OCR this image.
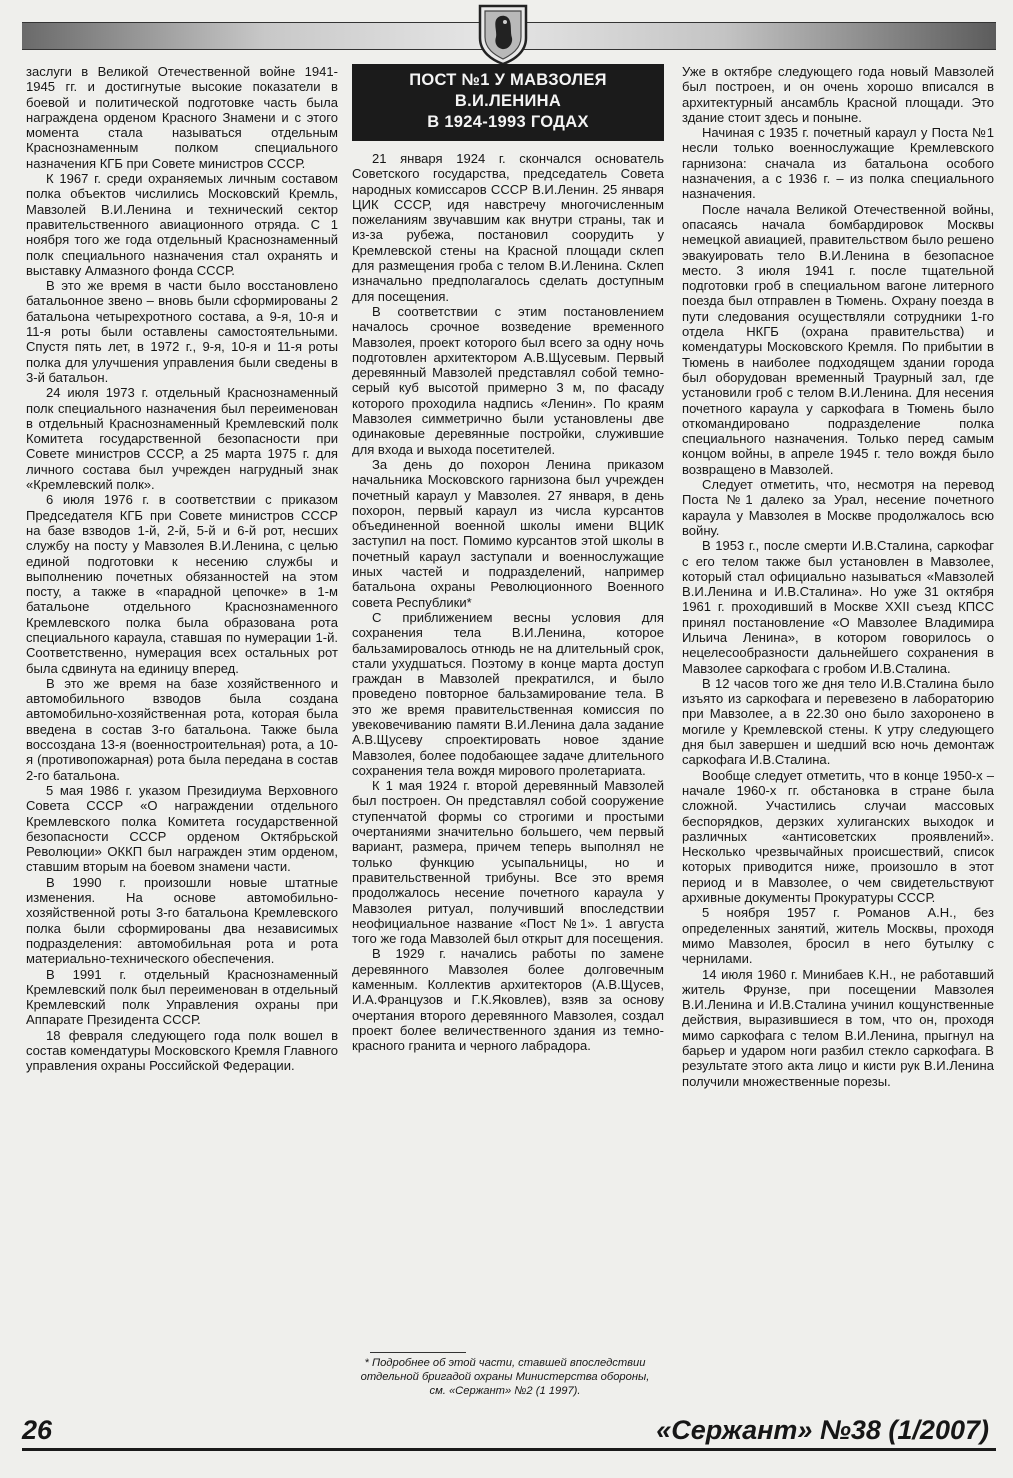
заслуги в Великой Отечественной войне 1941-1945 гг. и достигнутые высокие показатели в боевой и политической подготовке часть была награждена орденом Красного Знамени и с этого момента стала называться отдельным Краснознаменным полком специального назначения КГБ при Совете министров СССР.

К 1967 г. среди охраняемых личным составом полка объектов числились Московский Кремль, Мавзолей В.И.Ленина и технический сектор правительственного авиационного отряда. С 1 ноября того же года отдельный Краснознаменный полк специального назначения стал охранять и выставку Алмазного фонда СССР.

В это же время в части было восстановлено батальонное звено – вновь были сформированы 2 батальона четырехротного состава, а 9-я, 10-я и 11-я роты были оставлены самостоятельными. Спустя пять лет, в 1972 г., 9-я, 10-я и 11-я роты полка для улучшения управления были сведены в 3-й батальон.

24 июля 1973 г. отдельный Краснознаменный полк специального назначения был переименован в отдельный Краснознаменный Кремлевский полк Комитета государственной безопасности при Совете министров СССР, а 25 марта 1975 г. для личного состава был учрежден нагрудный знак «Кремлевский полк».

6 июля 1976 г. в соответствии с приказом Председателя КГБ при Совете министров СССР на базе взводов 1-й, 2-й, 5-й и 6-й рот, несших службу на посту у Мавзолея В.И.Ленина, с целью единой подготовки к несению службы и выполнению почетных обязанностей на этом посту, а также в «парадной цепочке» в 1-м батальоне отдельного Краснознаменного Кремлевского полка была образована рота специального караула, ставшая по нумерации 1-й. Соответственно, нумерация всех остальных рот была сдвинута на единицу вперед.

В это же время на базе хозяйственного и автомобильного взводов была создана автомобильно-хозяйственная рота, которая была введена в состав 3-го батальона. Также была воссоздана 13-я (военностроительная) рота, а 10-я (противопожарная) рота была передана в состав 2-го батальона.

5 мая 1986 г. указом Президиума Верховного Совета СССР «О награждении отдельного Кремлевского полка Комитета государственной безопасности СССР орденом Октябрьской Революции» ОККП был награжден этим орденом, ставшим вторым на боевом знамени части.

В 1990 г. произошли новые штатные изменения. На основе автомобильно-хозяйственной роты 3-го батальона Кремлевского полка были сформированы два независимых подразделения: автомобильная рота и рота материально-технического обеспечения.

В 1991 г. отдельный Краснознаменный Кремлевский полк был переименован в отдельный Кремлевский полк Управления охраны при Аппарате Президента СССР.

18 февраля следующего года полк вошел в состав комендатуры Московского Кремля Главного управления охраны Российской Федерации.

ПОСТ №1 У МАВЗОЛЕЯ
В.И.ЛЕНИНА
В 1924-1993 ГОДАХ

21 января 1924 г. скончался основатель Советского государства, председатель Совета народных комиссаров СССР В.И.Ленин. 25 января ЦИК СССР, идя навстречу многочисленным пожеланиям звучавшим как внутри страны, так и из-за рубежа, постановил соорудить у Кремлевской стены на Красной площади склеп для размещения гроба с телом В.И.Ленина. Склеп изначально предполагалось сделать доступным для посещения.

В соответствии с этим постановлением началось срочное возведение временного Мавзолея, проект которого был всего за одну ночь подготовлен архитектором А.В.Щусевым. Первый деревянный Мавзолей представлял собой темно-серый куб высотой примерно 3 м, по фасаду которого проходила надпись «Ленин». По краям Мавзолея симметрично были установлены две одинаковые деревянные постройки, служившие для входа и выхода посетителей.

За день до похорон Ленина приказом начальника Московского гарнизона был учрежден почетный караул у Мавзолея. 27 января, в день похорон, первый караул из числа курсантов объединенной военной школы имени ВЦИК заступил на пост. Помимо курсантов этой школы в почетный караул заступали и военнослужащие иных частей и подразделений, например батальона охраны Революционного Военного совета Республики*

С приближением весны условия для сохранения тела В.И.Ленина, которое бальзамировалось отнюдь не на длительный срок, стали ухудшаться. Поэтому в конце марта доступ граждан в Мавзолей прекратился, и было проведено повторное бальзамирование тела. В это же время правительственная комиссия по увековечиванию памяти В.И.Ленина дала задание А.В.Щусеву спроектировать новое здание Мавзолея, более подобающее задаче длительного сохранения тела вождя мирового пролетариата.

К 1 мая 1924 г. второй деревянный Мавзолей был построен. Он представлял собой сооружение ступенчатой формы со строгими и простыми очертаниями значительно большего, чем первый вариант, размера, причем теперь выполнял не только функцию усыпальницы, но и правительственной трибуны. Все это время продолжалось несение почетного караула у Мавзолея ритуал, получивший впоследствии неофициальное название «Пост №1». 1 августа того же года Мавзолей был открыт для посещения.

В 1929 г. начались работы по замене деревянного Мавзолея более долговечным каменным. Коллектив архитекторов (А.В.Щусев, И.А.Французов и Г.К.Яковлев), взяв за основу очертания второго деревянного Мавзолея, создал проект более величественного здания из темно-красного гранита и черного лабрадора.

* Подробнее об этой части, ставшей впоследствии отдельной бригадой охраны Министерства обороны, см. «Сержант» №2 (1 1997).

Уже в октябре следующего года новый Мавзолей был построен, и он очень хорошо вписался в архитектурный ансамбль Красной площади. Это здание стоит здесь и поныне.

Начиная с 1935 г. почетный караул у Поста №1 несли только военнослужащие Кремлевского гарнизона: сначала из батальона особого назначения, а с 1936 г. – из полка специального назначения.

После начала Великой Отечественной войны, опасаясь начала бомбардировок Москвы немецкой авиацией, правительством было решено эвакуировать тело В.И.Ленина в безопасное место. 3 июля 1941 г. после тщательной подготовки гроб в специальном вагоне литерного поезда был отправлен в Тюмень. Охрану поезда в пути следования осуществляли сотрудники 1-го отдела НКГБ (охрана правительства) и комендатуры Московского Кремля. По прибытии в Тюмень в наиболее подходящем здании города был оборудован временный Траурный зал, где установили гроб с телом В.И.Ленина. Для несения почетного караула у саркофага в Тюмень было откомандировано подразделение полка специального назначения. Только перед самым концом войны, в апреле 1945 г. тело вождя было возвращено в Мавзолей.

Следует отметить, что, несмотря на перевод Поста №1 далеко за Урал, несение почетного караула у Мавзолея в Москве продолжалось всю войну.

В 1953 г., после смерти И.В.Сталина, саркофаг с его телом также был установлен в Мавзолее, который стал официально называться «Мавзолей В.И.Ленина и И.В.Сталина». Но уже 31 октября 1961 г. проходивший в Москве XXII съезд КПСС принял постановление «О Мавзолее Владимира Ильича Ленина», в котором говорилось о нецелесообразности дальнейшего сохранения в Мавзолее саркофага с гробом И.В.Сталина.

В 12 часов того же дня тело И.В.Сталина было изъято из саркофага и перевезено в лабораторию при Мавзолее, а в 22.30 оно было захоронено в могиле у Кремлевской стены. К утру следующего дня был завершен и шедший всю ночь демонтаж саркофага И.В.Сталина.

Вообще следует отметить, что в конце 1950-х – начале 1960-х гг. обстановка в стране была сложной. Участились случаи массовых беспорядков, дерзких хулиганских выходок и различных «антисоветских проявлений». Несколько чрезвычайных происшествий, список которых приводится ниже, произошло в этот период и в Мавзолее, о чем свидетельствуют архивные документы Прокуратуры СССР.

5 ноября 1957 г. Романов А.Н., без определенных занятий, житель Москвы, проходя мимо Мавзолея, бросил в него бутылку с чернилами.

14 июля 1960 г. Минибаев К.Н., не работавший житель Фрунзе, при посещении Мавзолея В.И.Ленина и И.В.Сталина учинил кощунственные действия, выразившиеся в том, что он, проходя мимо саркофага с телом В.И.Ленина, прыгнул на барьер и ударом ноги разбил стекло саркофага. В результате этого акта лицо и кисти рук В.И.Ленина получили множественные порезы.

26	«Сержант» №38 (1/2007)
